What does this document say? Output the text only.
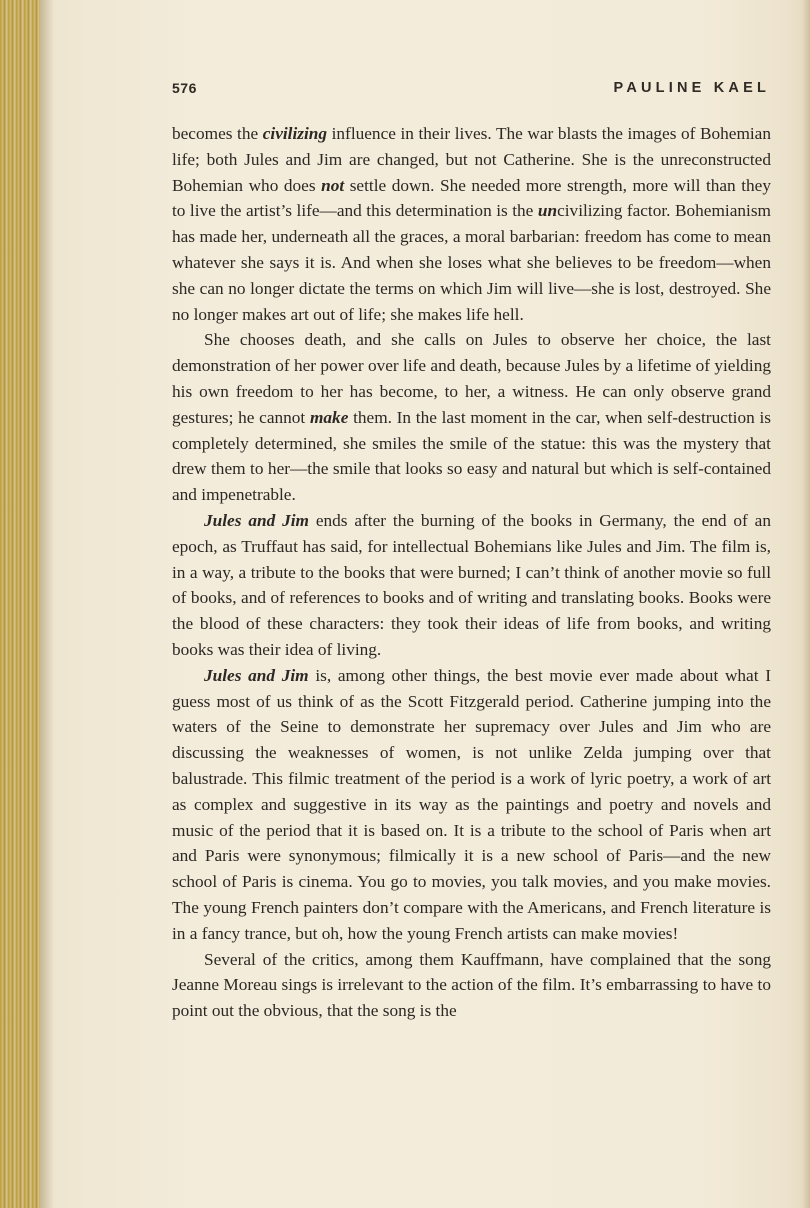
576	PAULINE KAEL

becomes the civilizing influence in their lives. The war blasts the images of Bohemian life; both Jules and Jim are changed, but not Catherine. She is the unreconstructed Bohemian who does not settle down. She needed more strength, more will than they to live the artist’s life—and this determination is the uncivilizing factor. Bohemianism has made her, underneath all the graces, a moral barbarian: freedom has come to mean whatever she says it is. And when she loses what she believes to be freedom—when she can no longer dictate the terms on which Jim will live—she is lost, destroyed. She no longer makes art out of life; she makes life hell.

She chooses death, and she calls on Jules to observe her choice, the last demonstration of her power over life and death, because Jules by a lifetime of yielding his own freedom to her has become, to her, a witness. He can only observe grand gestures; he cannot make them. In the last moment in the car, when self-destruction is completely determined, she smiles the smile of the statue: this was the mystery that drew them to her—the smile that looks so easy and natural but which is self-contained and impenetrable.

Jules and Jim ends after the burning of the books in Germany, the end of an epoch, as Truffaut has said, for intellectual Bohemians like Jules and Jim. The film is, in a way, a tribute to the books that were burned; I can’t think of another movie so full of books, and of references to books and of writing and translating books. Books were the blood of these characters: they took their ideas of life from books, and writing books was their idea of living.

Jules and Jim is, among other things, the best movie ever made about what I guess most of us think of as the Scott Fitzgerald period. Catherine jumping into the waters of the Seine to demonstrate her supremacy over Jules and Jim who are discussing the weaknesses of women, is not unlike Zelda jumping over that balustrade. This filmic treatment of the period is a work of lyric poetry, a work of art as complex and suggestive in its way as the paintings and poetry and novels and music of the period that it is based on. It is a tribute to the school of Paris when art and Paris were synonymous; filmically it is a new school of Paris—and the new school of Paris is cinema. You go to movies, you talk movies, and you make movies. The young French painters don’t compare with the Americans, and French literature is in a fancy trance, but oh, how the young French artists can make movies!

Several of the critics, among them Kauffmann, have complained that the song Jeanne Moreau sings is irrelevant to the action of the film. It’s embarrassing to have to point out the obvious, that the song is the
